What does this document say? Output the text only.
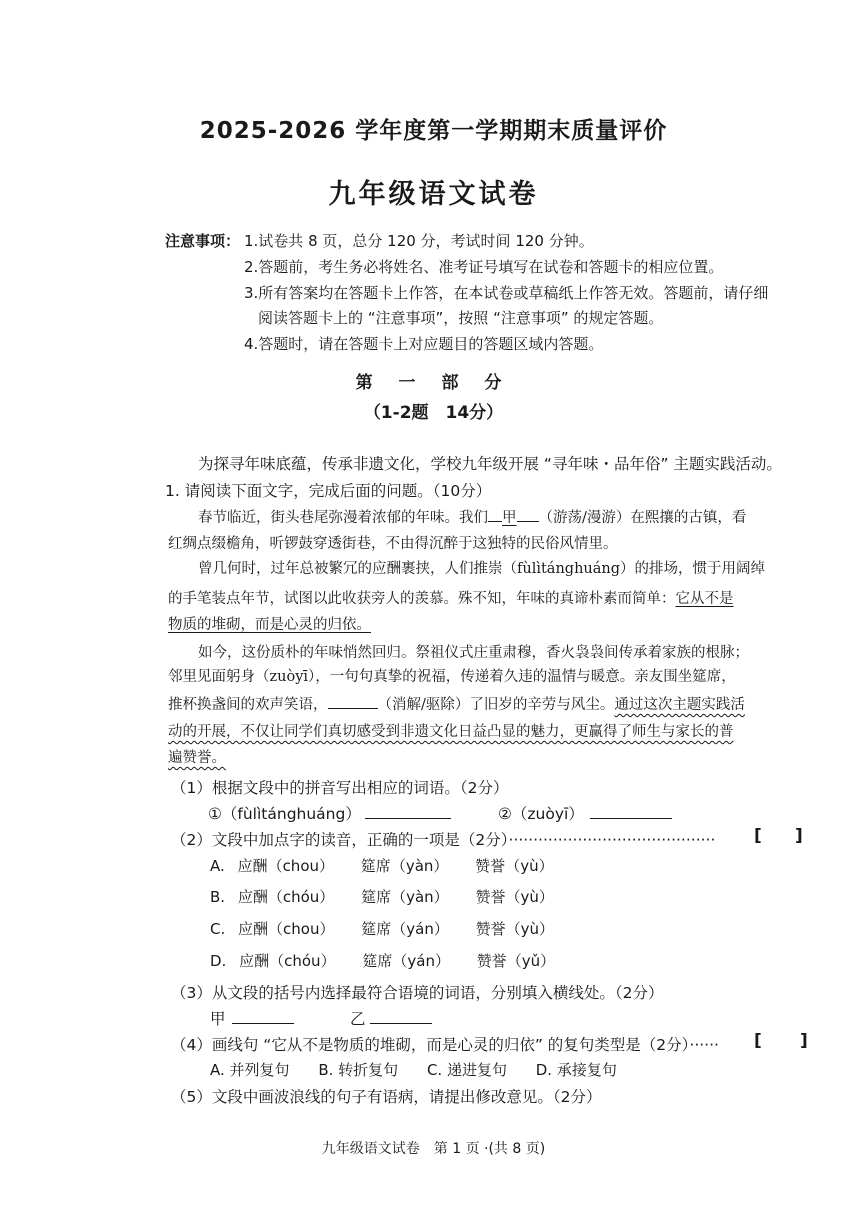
2025-2026 学年度第一学期期末质量评价
九年级语文试卷
注意事项： 1.试卷共 8 页，总分 120 分，考试时间 120 分钟。
2.答题前，考生务必将姓名、准考证号填写在试卷和答题卡的相应位置。
3.所有答案均在答题卡上作答，在本试卷或草稿纸上作答无效。答题前，请仔细
阅读答题卡上的 “注意事项”，按照 “注意事项” 的规定答题。
4.答题时，请在答题卡上对应题目的答题区域内答题。
第 一 部 分
（1-2题　14分）
为探寻年味底蕴，传承非遗文化，学校九年级开展 “寻年味・品年俗” 主题实践活动。
1. 请阅读下面文字，完成后面的问题。（10分）
春节临近，街头巷尾弥漫着浓郁的年味。我们 甲 （游荡/漫游）在熙攘的古镇，看
红绸点缀檐角，听锣鼓穿透街巷，不由得沉醉于这独特的民俗风情里。
曾几何时，过年总被繁冗的应酬裹挟，人们推崇（fùlìtánghuáng）的排场，惯于用阔绰
的手笔装点年节，试图以此收获旁人的羡慕。殊不知，年味的真谛朴素而简单：它从不是
物质的堆砌，而是心灵的归依。
如今，这份质朴的年味悄然回归。祭祖仪式庄重肃穆，香火袅袅间传承着家族的根脉；
邻里见面躬身（zuòyī），一句句真挚的祝福，传递着久违的温情与暖意。亲友围坐筵席，
推杯换盏间的欢声笑语，	（消解/驱除）了旧岁的辛劳与风尘。通过这次主题实践活
动的开展，不仅让同学们真切感受到非遗文化日益凸显的魅力，更赢得了师生与家长的普
遍赞誉。
（1）根据文段中的拼音写出相应的词语。（2分）
①（fùlìtánghuáng）	②（zuòyī）
（2）文段中加点字的读音，正确的一项是（2分）·········································· [ ]
A. 应酬（chou） 筵席（yàn） 赞誉（yù）
B. 应酬（chóu） 筵席（yàn） 赞誉（yù）
C. 应酬（chou） 筵席（yán） 赞誉（yù）
D. 应酬（chóu） 筵席（yán） 赞誉（yǔ）
（3）从文段的括号内选择最符合语境的词语，分别填入横线处。（2分）
甲	乙
（4）画线句 “它从不是物质的堆砌，而是心灵的归依” 的复句类型是（2分）······ [ ]
A. 并列复句 B. 转折复句 C. 递进复句 D. 承接复句
（5）文段中画波浪线的句子有语病，请提出修改意见。（2分）
九年级语文试卷　第 1 页 ·(共 8 页)
